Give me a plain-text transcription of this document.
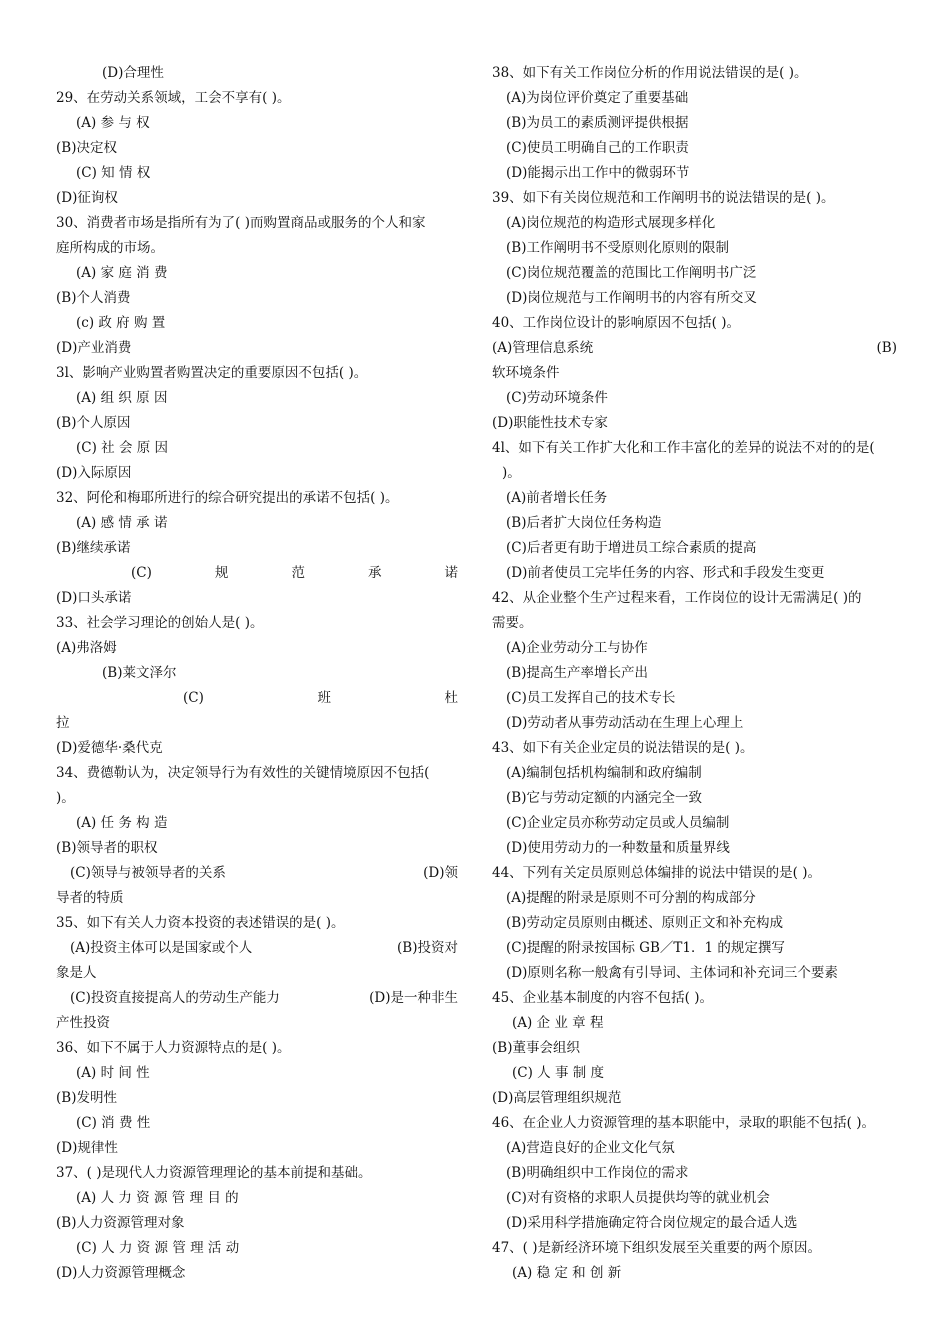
(D)合理性
29、在劳动关系领域，工会不享有( )。
(A) 参 与 权
(B)决定权
(C) 知 情 权
(D)征询权
30、消费者市场是指所有为了( )而购置商品或服务的个人和家
庭所构成的市场。
(A) 家 庭 消 费
(B)个人消费
(c) 政 府 购 置
(D)产业消费
3l、影响产业购置者购置决定的重要原因不包括( )。
(A) 组 织 原 因
(B)个人原因
(C) 社 会 原 因
(D)入际原因
32、阿伦和梅耶所进行的综合研究提出的承诺不包括( )。
(A) 感 情 承 诺
(B)继续承诺
(C)	规	范	承	诺
(D)口头承诺
33、社会学习理论的创始人是( )。
(A)弗洛姆
(B)莱文泽尔
(C)	班	杜
拉
(D)爱德华·桑代克
34、费德勒认为，决定领导行为有效性的关键情境原因不包括(
)。
(A) 任 务 构 造
(B)领导者的职权
(C)领导与被领导者的关系	(D)领
导者的特质
35、如下有关人力资本投资的表述错误的是( )。
(A)投资主体可以是国家或个人	(B)投资对
象是人
(C)投资直接提高人的劳动生产能力	(D)是一种非生
产性投资
36、如下不属于人力资源特点的是( )。
(A) 时 间 性
(B)发明性
(C) 消 费 性
(D)规律性
37、( )是现代人力资源管理理论的基本前提和基础。
(A) 人 力 资 源 管 理 目 的
(B)人力资源管理对象
(C) 人 力 资 源 管 理 活 动
(D)人力资源管理概念
38、如下有关工作岗位分析的作用说法错误的是( )。
(A)为岗位评价奠定了重要基础
(B)为员工的素质测评提供根据
(C)使员工明确自己的工作职责
(D)能揭示出工作中的微弱环节
39、如下有关岗位规范和工作阐明书的说法错误的是( )。
(A)岗位规范的构造形式展现多样化
(B)工作阐明书不受原则化原则的限制
(C)岗位规范覆盖的范围比工作阐明书广泛
(D)岗位规范与工作阐明书的内容有所交叉
40、工作岗位设计的影响原因不包括( )。
(A)管理信息系统	(B)
软环境条件
(C)劳动环境条件
(D)职能性技术专家
4l、如下有关工作扩大化和工作丰富化的差异的说法不对的的是(
)。
(A)前者增长任务
(B)后者扩大岗位任务构造
(C)后者更有助于增进员工综合素质的提高
(D)前者使员工完毕任务的内容、形式和手段发生变更
42、从企业整个生产过程来看，工作岗位的设计无需满足( )的
需要。
(A)企业劳动分工与协作
(B)提高生产率增长产出
(C)员工发挥自己的技术专长
(D)劳动者从事劳动活动在生理上心理上
43、如下有关企业定员的说法错误的是( )。
(A)编制包括机构编制和政府编制
(B)它与劳动定额的内涵完全一致
(C)企业定员亦称劳动定员或人员编制
(D)使用劳动力的一种数量和质量界线
44、下列有关定员原则总体编排的说法中错误的是( )。
(A)提醒的附录是原则不可分割的构成部分
(B)劳动定员原则由概述、原则正文和补充构成
(C)提醒的附录按国标 GB／T1．1 的规定撰写
(D)原则名称一般禽有引导词、主体词和补充词三个要素
45、企业基本制度的内容不包括( )。
(A) 企 业 章 程
(B)董事会组织
(C) 人 事 制 度
(D)高层管理组织规范
46、在企业人力资源管理的基本职能中，录取的职能不包括( )。
(A)营造良好的企业文化气氛
(B)明确组织中工作岗位的需求
(C)对有资格的求职人员提供均等的就业机会
(D)采用科学措施确定符合岗位规定的最合适人选
47、( )是新经济环境下组织发展至关重要的两个原因。
(A) 稳 定 和 创 新
